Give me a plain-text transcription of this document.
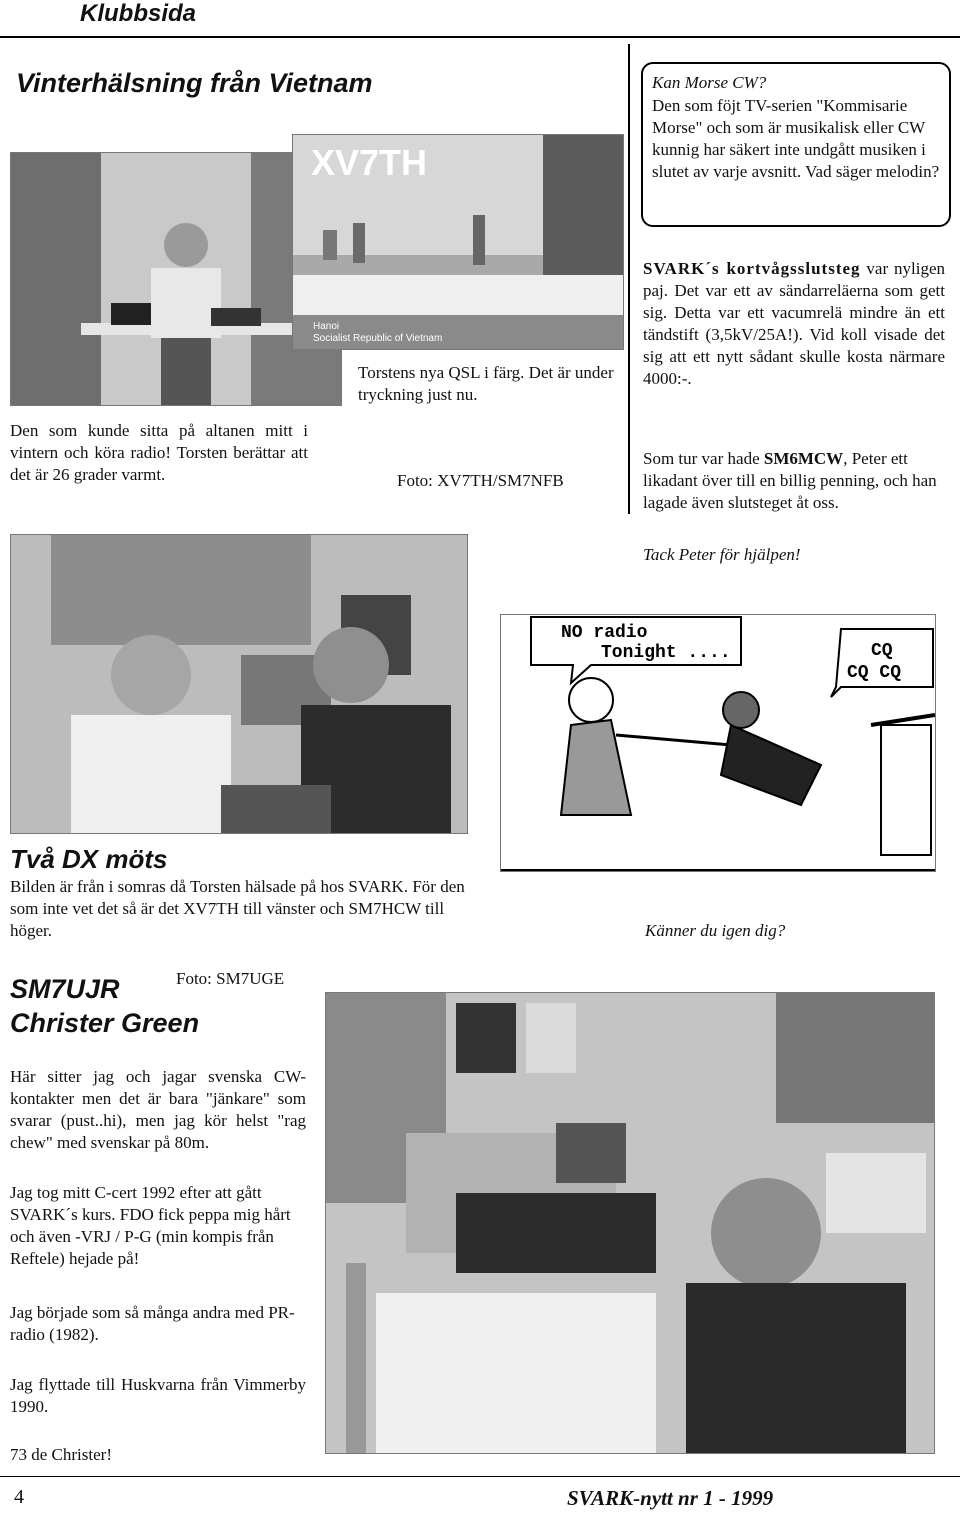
Klubbsida
Vinterhälsning från Vietnam
XV7TH
Hanoi
Socialist Republic of Vietnam

Den som kunde sitta på altanen mitt i vintern och köra radio! Torsten berättar att det är 26 grader varmt.

Torstens nya QSL i färg. Det är under tryckning just nu.

Foto: XV7TH/SM7NFB
Kan Morse CW?

Den som föjt TV-serien "Kommisarie Morse" och som är musikalisk eller CW kunnig har säkert inte undgått musiken i slutet av varje avsnitt. Vad säger melodin?

SVARK´s kortvågsslutsteg var nyligen paj. Det var ett av sändarreläerna som gett sig. Detta var ett vacumrelä mindre än ett tändstift (3,5kV/25A!). Vid koll visade det sig att ett nytt sådant skulle kosta närmare 4000:-.

Som tur var hade SM6MCW, Peter ett likadant över till en billig penning, och han lagade även slutsteget åt oss.

Tack Peter för hjälpen!
NO radio
Tonight ....	CQ
CQ CQ
Två DX möts

Bilden är från i somras då Torsten hälsade på hos SVARK. För den som inte vet det så är det XV7TH till vänster och SM7HCW till höger.	Känner du igen dig?
SM7UJR
Christer Green
Foto: SM7UGE

Här sitter jag och jagar svenska CW-kontakter men det är bara "jänkare" som svarar (pust..hi), men jag kör helst "rag chew" med svenskar på 80m.

Jag tog mitt C-cert 1992 efter att gått SVARK´s kurs. FDO fick peppa mig hårt och även -VRJ / P-G (min kompis från Reftele) hejade på!

Jag började som så många andra med PR-radio (1982).

Jag flyttade till Huskvarna från Vimmerby 1990.

73 de Christer!
4	SVARK-nytt nr 1 - 1999
